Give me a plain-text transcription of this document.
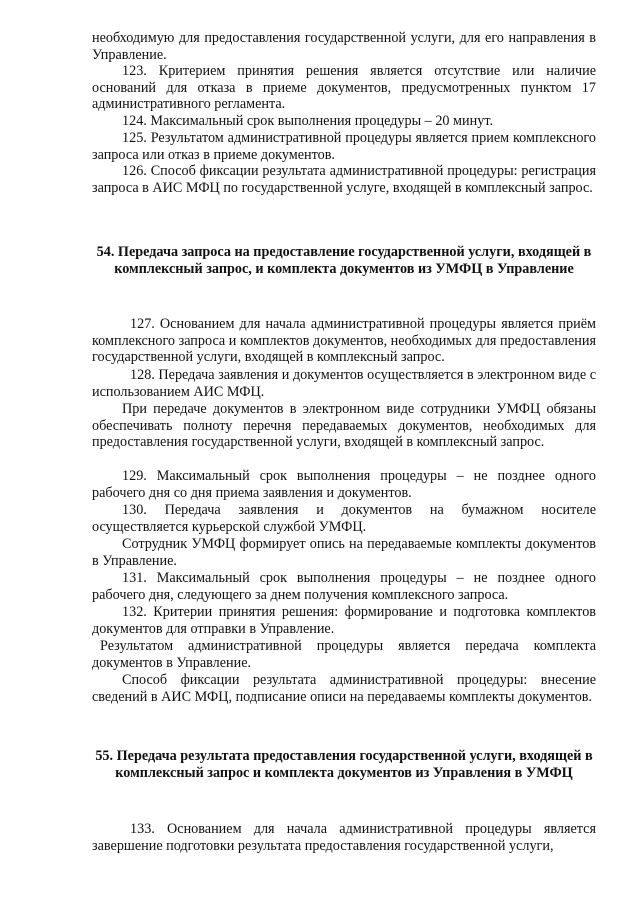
необходимую для предоставления государственной услуги, для его направления в Управление.

123. Критерием принятия решения является отсутствие или наличие оснований для отказа в приеме документов, предусмотренных пунктом 17 административного регламента.

124. Максимальный срок выполнения процедуры – 20 минут.

125. Результатом административной процедуры является прием комплексного запроса или отказ в приеме документов.

126. Способ фиксации результата административной процедуры: регистрация запроса в АИС МФЦ по государственной услуге, входящей в комплексный запрос.

54. Передача запроса на предоставление государственной услуги, входящей в комплексный запрос, и комплекта документов из УМФЦ в Управление

127. Основанием для начала административной процедуры является приём комплексного запроса и комплектов документов, необходимых для предоставления государственной услуги, входящей в комплексный запрос.

128. Передача заявления и документов осуществляется в электронном виде с использованием АИС МФЦ.

При передаче документов в электронном виде сотрудники УМФЦ обязаны обеспечивать полноту перечня передаваемых документов, необходимых для предоставления государственной услуги, входящей в комплексный запрос.

129. Максимальный срок выполнения процедуры – не позднее одного рабочего дня со дня приема заявления и документов.

130. Передача заявления и документов на бумажном носителе осуществляется курьерской службой УМФЦ.

Сотрудник УМФЦ формирует опись на передаваемые комплекты документов в Управление.

131. Максимальный срок выполнения процедуры – не позднее одного рабочего дня, следующего за днем получения комплексного запроса.

132. Критерии принятия решения: формирование и подготовка комплектов документов для отправки в Управление.

Результатом административной процедуры является передача комплекта документов в Управление.

Способ фиксации результата административной процедуры: внесение сведений в АИС МФЦ, подписание описи на передаваемы комплекты документов.

55. Передача результата предоставления государственной услуги, входящей в комплексный запрос и комплекта документов из Управления в УМФЦ

133. Основанием для начала административной процедуры является завершение подготовки результата предоставления государственной услуги,
